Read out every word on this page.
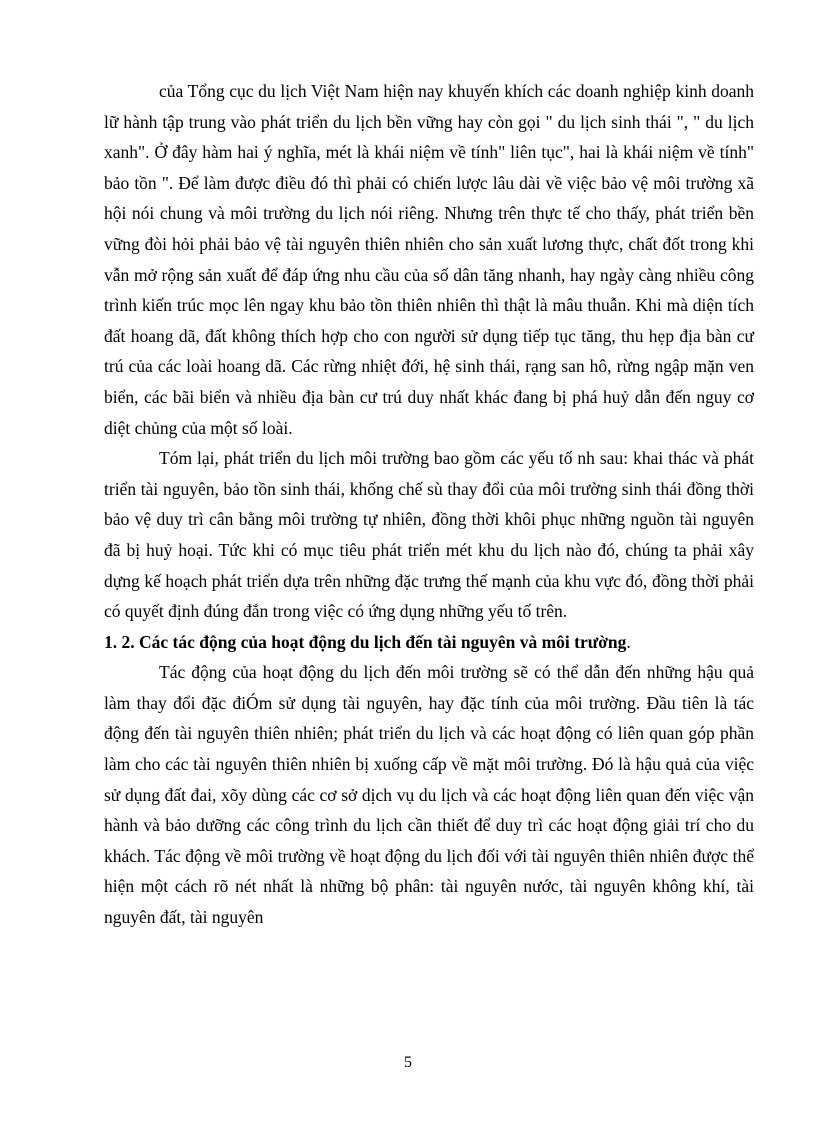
của Tổng cục du lịch Việt Nam hiện nay khuyến khích các doanh nghiệp kinh doanh lữ hành tập trung vào phát triển du lịch bền vững hay còn gọi " du lịch sinh thái ", " du lịch xanh". Ở đây hàm hai ý nghĩa, mét là khái niệm về tính" liên tục", hai là khái niệm về tính" bảo tồn ". Để làm được điều đó thì phải có chiến lược lâu dài về việc bảo vệ môi trường xã hội nói chung và môi trường du lịch nói riêng. Nhưng trên thực tế cho thấy, phát triển bền vững đòi hỏi phải bảo vệ tài nguyên thiên nhiên cho sản xuất lương thực, chất đốt trong khi vẫn mở rộng sản xuất để đáp ứng nhu cầu của số dân tăng nhanh, hay ngày càng nhiều công trình kiến trúc mọc lên ngay khu bảo tồn thiên nhiên thì thật là mâu thuẫn. Khi mà diện tích đất hoang dã, đất không thích hợp cho con người sử dụng tiếp tục tăng, thu hẹp địa bàn cư trú của các loài hoang dã. Các rừng nhiệt đới, hệ sinh thái, rạng san hô, rừng ngập mặn ven biển, các bãi biển và nhiều địa bàn cư trú duy nhất khác đang bị phá huỷ dẫn đến nguy cơ diệt chủng của một số loài.

Tóm lại, phát triển du lịch môi trường bao gồm các yếu tố nh sau: khai thác và phát triển tài nguyên, bảo tồn sinh thái, khống chế sù thay đổi của môi trường sinh thái đồng thời bảo vệ duy trì cân bằng môi trường tự nhiên, đồng thời khôi phục những nguồn tài nguyên đã bị huỷ hoại. Tức khi có mục tiêu phát triển mét khu du lịch nào đó, chúng ta phải xây dựng kế hoạch phát triển dựa trên những đặc trưng thế mạnh của khu vực đó, đồng thời phải có quyết định đúng đắn trong việc có ứng dụng những yếu tố trên.

1. 2. Các tác động của hoạt động du lịch đến tài nguyên và môi trường.

Tác động của hoạt động du lịch đến môi trường sẽ có thể dẫn đến những hậu quả làm thay đổi đặc điÓm sử dụng tài nguyên, hay đặc tính của môi trường. Đầu tiên là tác động đến tài nguyên thiên nhiên; phát triển du lịch và các hoạt động có liên quan góp phần làm cho các tài nguyên thiên nhiên bị xuống cấp về mặt môi trường. Đó là hậu quả của việc sử dụng đất đai, xõy dùng các cơ sở dịch vụ du lịch và các hoạt động liên quan đến việc vận hành và bảo dưỡng các công trình du lịch cần thiết để duy trì các hoạt động giải trí cho du khách. Tác động về môi trường về hoạt động du lịch đối với tài nguyên thiên nhiên được thể hiện một cách rõ nét nhất là những bộ phân: tài nguyên nước, tài nguyên không khí, tài nguyên đất, tài nguyên

5
